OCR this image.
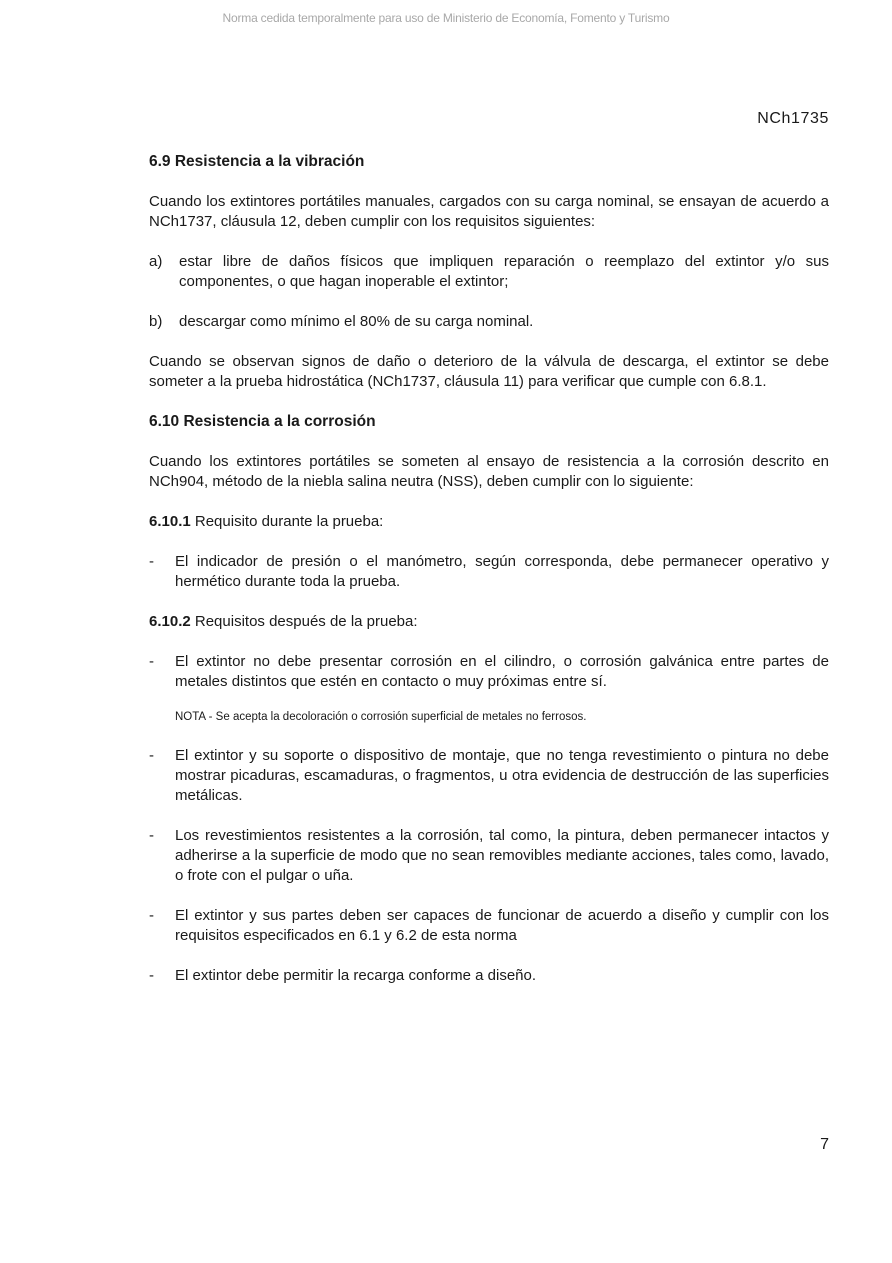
Norma cedida temporalmente para uso de Ministerio de Economía, Fomento y Turismo
NCh1735
6.9 Resistencia a la vibración
Cuando los extintores portátiles manuales, cargados con su carga nominal, se ensayan de acuerdo a NCh1737, cláusula 12, deben cumplir con los requisitos siguientes:
a)	estar libre de daños físicos que impliquen reparación o reemplazo del extintor y/o sus componentes, o que hagan inoperable el extintor;
b)	descargar como mínimo el 80% de su carga nominal.
Cuando se observan signos de daño o deterioro de la válvula de descarga, el extintor se debe someter a la prueba hidrostática (NCh1737, cláusula 11) para verificar que cumple con 6.8.1.
6.10 Resistencia a la corrosión
Cuando los extintores portátiles se someten al ensayo de resistencia a la corrosión descrito en NCh904, método de la niebla salina neutra (NSS), deben cumplir con lo siguiente:
6.10.1 Requisito durante la prueba:
-	El indicador de presión o el manómetro, según corresponda, debe permanecer operativo y hermético durante toda la prueba.
6.10.2 Requisitos después de la prueba:
-	El extintor no debe presentar corrosión en el cilindro, o corrosión galvánica entre partes de metales distintos que estén en contacto o muy próximas entre sí.
NOTA - Se acepta la decoloración o corrosión superficial de metales no ferrosos.
-	El extintor y su soporte o dispositivo de montaje, que no tenga revestimiento o pintura no debe mostrar picaduras, escamaduras, o fragmentos, u otra evidencia de destrucción de las superficies metálicas.
-	Los revestimientos resistentes a la corrosión, tal como, la pintura, deben permanecer intactos y adherirse a la superficie de modo que no sean removibles mediante acciones, tales como, lavado, o frote con el pulgar o uña.
-	El extintor y sus partes deben ser capaces de funcionar de acuerdo a diseño y cumplir con los requisitos especificados en 6.1 y 6.2 de esta norma
-	El extintor debe permitir la recarga conforme a diseño.
7
